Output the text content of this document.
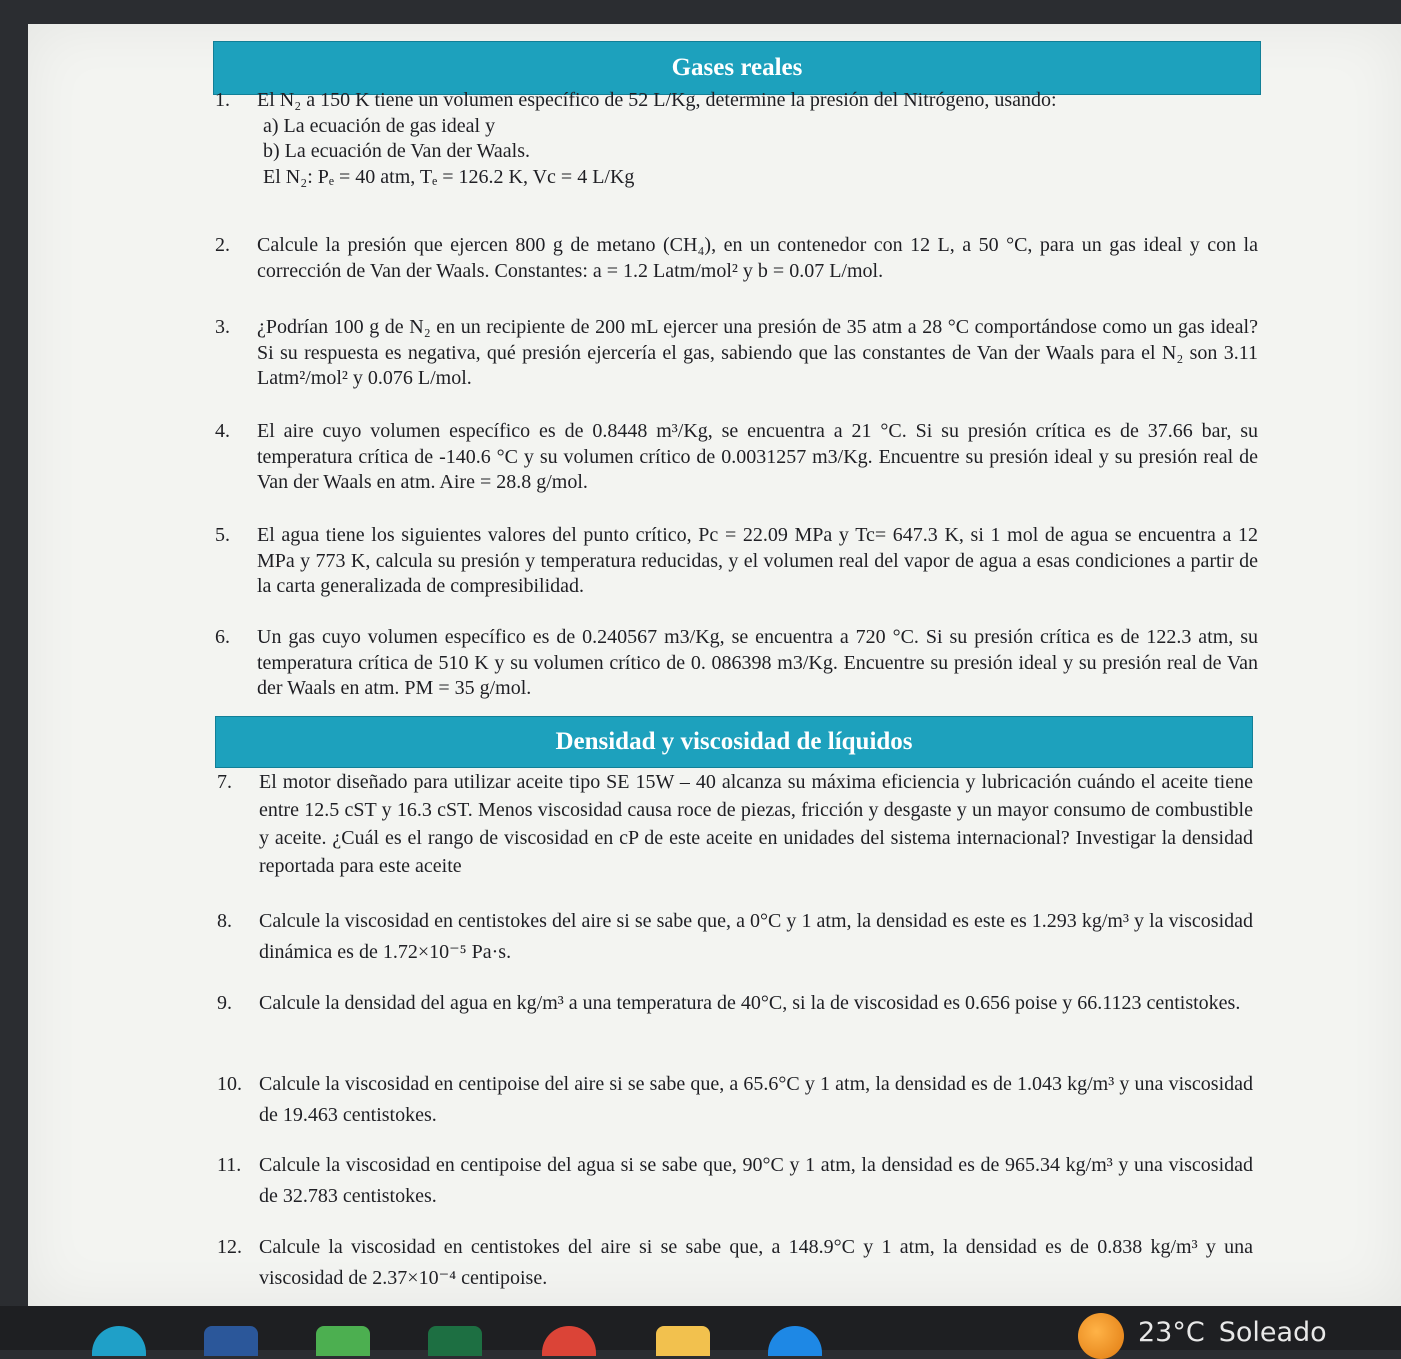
Gases reales
1.	El N₂ a 150 K tiene un volumen específico de 52 L/Kg, determine la presión del Nitrógeno, usando:
a) La ecuación de gas ideal y
b) La ecuación de Van der Waals.
El N₂: Pₑ = 40 atm, Tₑ = 126.2 K, Vc = 4 L/Kg
2.	Calcule la presión que ejercen 800 g de metano (CH₄), en un contenedor con 12 L, a 50 °C, para un gas ideal y con la corrección de Van der Waals. Constantes: a = 1.2 Latm/mol² y b = 0.07 L/mol.
3.	¿Podrían 100 g de N₂ en un recipiente de 200 mL ejercer una presión de 35 atm a 28 °C comportándose como un gas ideal? Si su respuesta es negativa, qué presión ejercería el gas, sabiendo que las constantes de Van der Waals para el N₂ son 3.11 Latm²/mol² y 0.076 L/mol.
4.	El aire cuyo volumen específico es de 0.8448 m³/Kg, se encuentra a 21 °C. Si su presión crítica es de 37.66 bar, su temperatura crítica de -140.6 °C y su volumen crítico de 0.0031257 m3/Kg. Encuentre su presión ideal y su presión real de Van der Waals en atm. Aire = 28.8 g/mol.
5.	El agua tiene los siguientes valores del punto crítico, Pc = 22.09 MPa y Tc= 647.3 K, si 1 mol de agua se encuentra a 12 MPa y 773 K, calcula su presión y temperatura reducidas, y el volumen real del vapor de agua a esas condiciones a partir de la carta generalizada de compresibilidad.
6.	Un gas cuyo volumen específico es de 0.240567 m3/Kg, se encuentra a 720 °C. Si su presión crítica es de 122.3 atm, su temperatura crítica de 510 K y su volumen crítico de 0. 086398 m3/Kg. Encuentre su presión ideal y su presión real de Van der Waals en atm. PM = 35 g/mol.
Densidad y viscosidad de líquidos
7.	El motor diseñado para utilizar aceite tipo SE 15W – 40 alcanza su máxima eficiencia y lubricación cuándo el aceite tiene entre 12.5 cST y 16.3 cST. Menos viscosidad causa roce de piezas, fricción y desgaste y un mayor consumo de combustible y aceite. ¿Cuál es el rango de viscosidad en cP de este aceite en unidades del sistema internacional? Investigar la densidad reportada para este aceite
8.	Calcule la viscosidad en centistokes del aire si se sabe que, a 0°C y 1 atm, la densidad es este es 1.293 kg/m³ y la viscosidad dinámica es de 1.72×10⁻⁵ Pa·s.
9.	Calcule la densidad del agua en kg/m³ a una temperatura de 40°C, si la de viscosidad es 0.656 poise y 66.1123 centistokes.
10. Calcule la viscosidad en centipoise del aire si se sabe que, a 65.6°C y 1 atm, la densidad es de 1.043 kg/m³ y una viscosidad de 19.463 centistokes.
11. Calcule la viscosidad en centipoise del agua si se sabe que, 90°C y 1 atm, la densidad es de 965.34 kg/m³ y una viscosidad de 32.783 centistokes.
12. Calcule la viscosidad en centistokes del aire si se sabe que, a 148.9°C y 1 atm, la densidad es de 0.838 kg/m³ y una viscosidad de 2.37×10⁻⁴ centipoise.
23°C Soleado
